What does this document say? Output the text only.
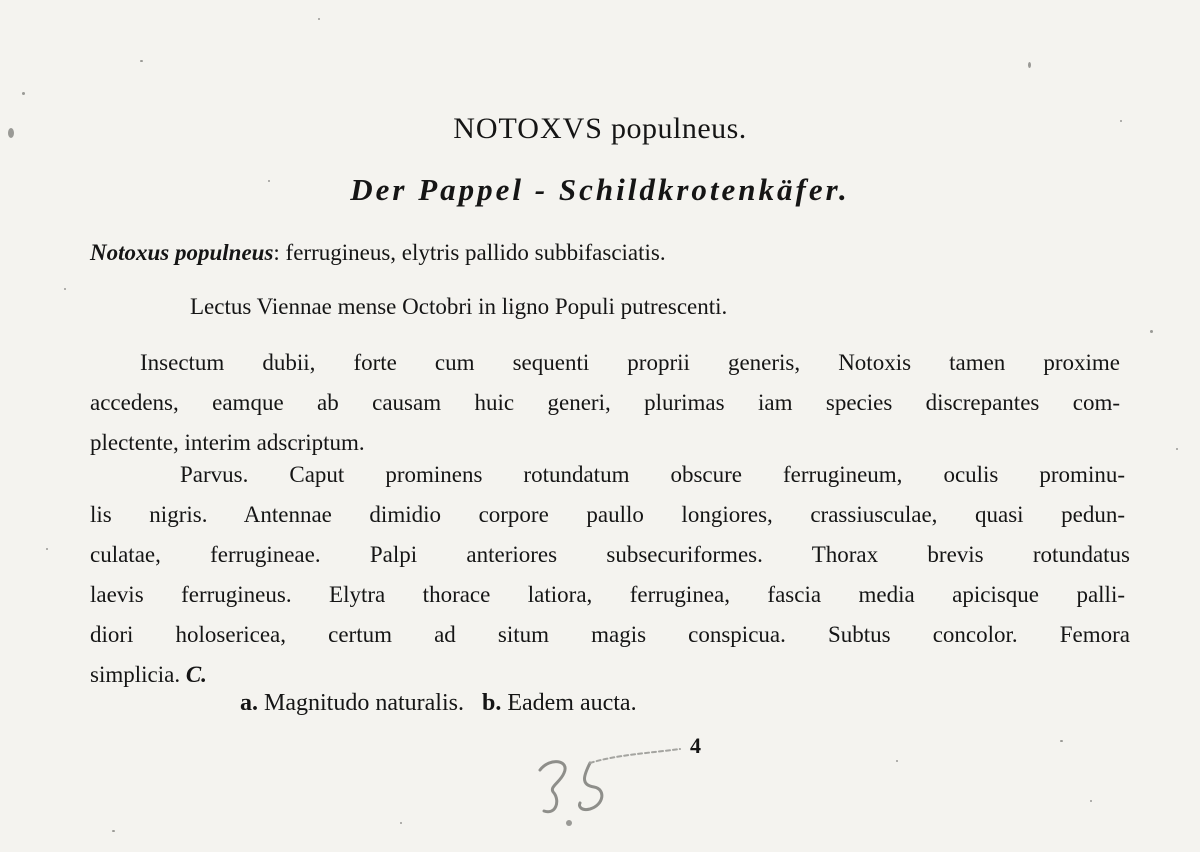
NOTOXVS populneus.
Der Pappel - Schildkrotenkäfer.
Notoxus populneus: ferrugineus, elytris pallido subbifasciatis.
Lectus Viennae mense Octobri in ligno Populi putrescenti.
Insectum dubii, forte cum sequenti proprii generis, Notoxis tamen proxime
accedens, eamque ab causam huic generi, plurimas iam species discrepantes com-
plectente, interim adscriptum.
Parvus. Caput prominens rotundatum obscure ferrugineum, oculis prominu-
lis nigris. Antennae dimidio corpore paullo longiores, crassiusculae, quasi pedun-
culatae, ferrugineae. Palpi anteriores subsecuriformes. Thorax brevis rotundatus
laevis ferrugineus. Elytra thorace latiora, ferruginea, fascia media apicisque palli-
diori holosericea, certum ad situm magis conspicua. Subtus concolor. Femora
simplicia. C.
a. Magnitudo naturalis. b. Eadem aucta.
4
